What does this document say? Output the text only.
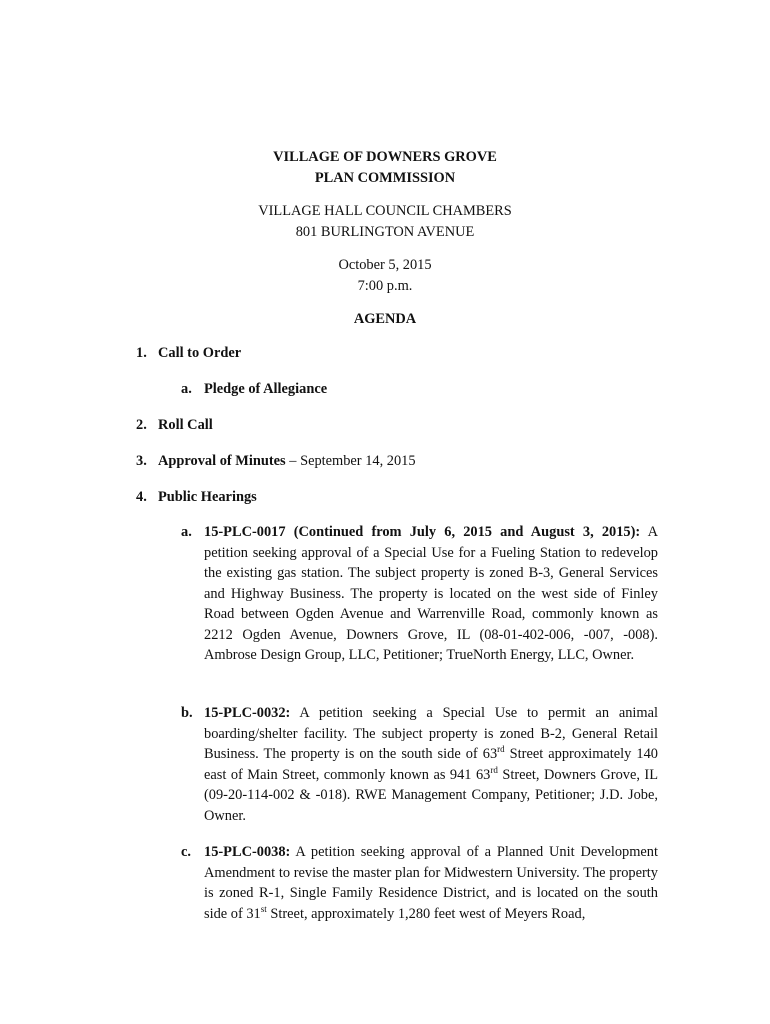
VILLAGE OF DOWNERS GROVE
PLAN COMMISSION
VILLAGE HALL COUNCIL CHAMBERS
801 BURLINGTON AVENUE
October 5, 2015
7:00 p.m.
AGENDA
1. Call to Order
a. Pledge of Allegiance
2. Roll Call
3. Approval of Minutes – September 14, 2015
4. Public Hearings
a. 15-PLC-0017 (Continued from July 6, 2015 and August 3, 2015): A petition seeking approval of a Special Use for a Fueling Station to redevelop the existing gas station. The subject property is zoned B-3, General Services and Highway Business. The property is located on the west side of Finley Road between Ogden Avenue and Warrenville Road, commonly known as 2212 Ogden Avenue, Downers Grove, IL (08-01-402-006, -007, -008). Ambrose Design Group, LLC, Petitioner; TrueNorth Energy, LLC, Owner.
b. 15-PLC-0032: A petition seeking a Special Use to permit an animal boarding/shelter facility. The subject property is zoned B-2, General Retail Business. The property is on the south side of 63rd Street approximately 140 east of Main Street, commonly known as 941 63rd Street, Downers Grove, IL (09-20-114-002 & -018). RWE Management Company, Petitioner; J.D. Jobe, Owner.
c. 15-PLC-0038: A petition seeking approval of a Planned Unit Development Amendment to revise the master plan for Midwestern University. The property is zoned R-1, Single Family Residence District, and is located on the south side of 31st Street, approximately 1,280 feet west of Meyers Road,
